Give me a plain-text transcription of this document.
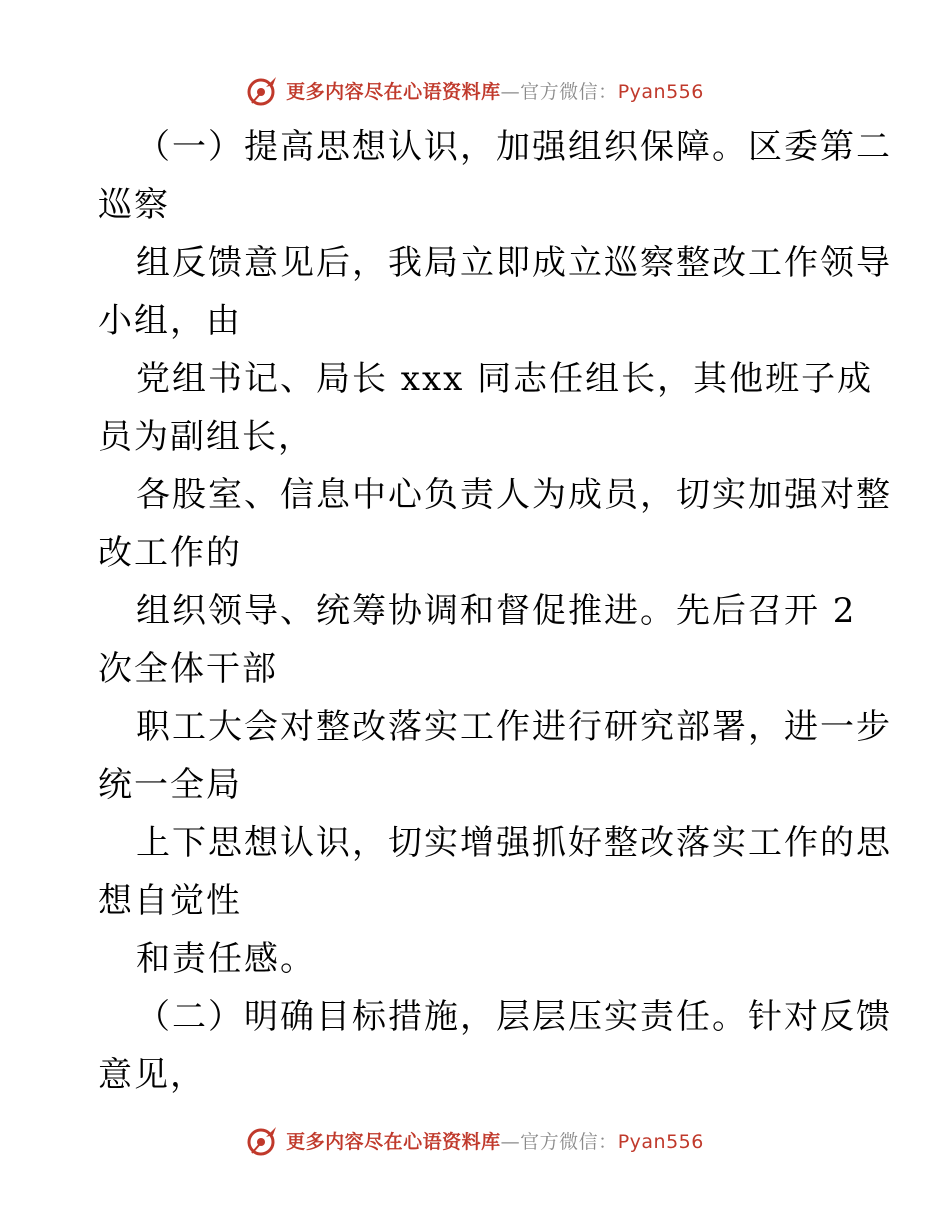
更多内容尽在心语资料库—官方微信：Pyan556
（一）提高思想认识，加强组织保障。区委第二
巡察
组反馈意见后，我局立即成立巡察整改工作领导
小组，由
党组书记、局长 xxx 同志任组长，其他班子成
员为副组长，
各股室、信息中心负责人为成员，切实加强对整
改工作的
组织领导、统筹协调和督促推进。先后召开 2
次全体干部
职工大会对整改落实工作进行研究部署，进一步
统一全局
上下思想认识，切实增强抓好整改落实工作的思
想自觉性
和责任感。
（二）明确目标措施，层层压实责任。针对反馈
意见，
更多内容尽在心语资料库—官方微信：Pyan556
